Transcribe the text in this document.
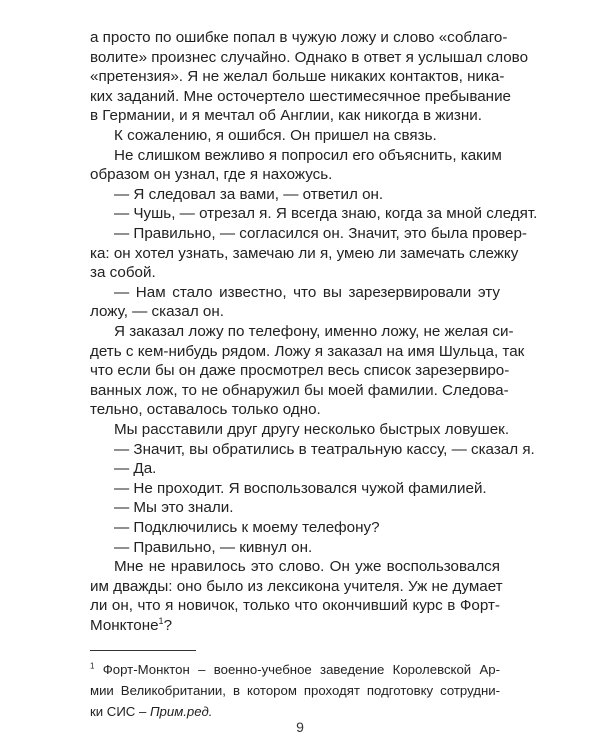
а просто по ошибке попал в чужую ложу и слово «соблаго-
волите» произнес случайно. Однако в ответ я услышал слово
«претензия». Я не желал больше никаких контактов, ника-
ких заданий. Мне осточертело шестимесячное пребывание
в Германии, и я мечтал об Англии, как никогда в жизни.
К сожалению, я ошибся. Он пришел на связь.
Не слишком вежливо я попросил его объяснить, каким
образом он узнал, где я нахожусь.
— Я следовал за вами, — ответил он.
— Чушь, — отрезал я. Я всегда знаю, когда за мной следят.
— Правильно, — согласился он. Значит, это была провер-
ка: он хотел узнать, замечаю ли я, умею ли замечать слежку
за собой.
— Нам стало известно, что вы зарезервировали эту
ложу, — сказал он.
Я заказал ложу по телефону, именно ложу, не желая си-
деть с кем-нибудь рядом. Ложу я заказал на имя Шульца, так
что если бы он даже просмотрел весь список зарезервиро-
ванных лож, то не обнаружил бы моей фамилии. Следова-
тельно, оставалось только одно.
Мы расставили друг другу несколько быстрых ловушек.
— Значит, вы обратились в театральную кассу, — сказал я.
— Да.
— Не проходит. Я воспользовался чужой фамилией.
— Мы это знали.
— Подключились к моему телефону?
— Правильно, — кивнул он.
Мне не нравилось это слово. Он уже воспользовался
им дважды: оно было из лексикона учителя. Уж не думает
ли он, что я новичок, только что окончивший курс в Форт-
Монктоне$^1$?
$^1$ Форт-Монктон – военно-учебное заведение Королевской Ар-
мии Великобритании, в котором проходят подготовку сотрудни-
ки СИС – Прим.ред.
9
